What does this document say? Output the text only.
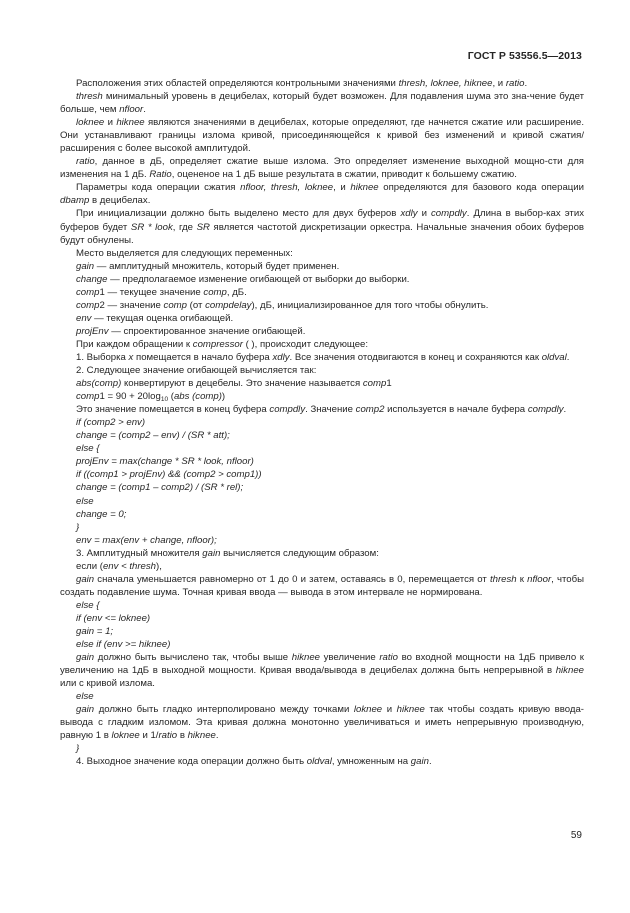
ГОСТ Р 53556.5—2013

Расположения этих областей определяются контрольными значениями thresh, loknee, hiknee, и ratio.

thresh минимальный уровень в децибелах, который будет возможен. Для подавления шума это зна-чение будет больше, чем nfloor.

loknee и hiknee являются значениями в децибелах, которые определяют, где начнется сжатие или расширение. Они устанавливают границы излома кривой, присоединяющейся к кривой без изменений и кривой сжатия/расширения с более высокой амплитудой.

ratio, данное в дБ, определяет сжатие выше излома. Это определяет изменение выходной мощно-сти для изменения на 1 дБ. Ratio, оцененое на 1 дБ выше результата в сжатии, приводит к большему сжатию.

Параметры кода операции сжатия nfloor, thresh, loknee, и hiknee определяются для базового кода операции dbamp в децибелах.

При инициализации должно быть выделено место для двух буферов xdly и compdly. Длина в выбор-ках этих буферов будет SR * look, где SR является частотой дискретизации оркестра. Начальные значения обоих буферов будут обнулены.

Место выделяется для следующих переменных:

gain — амплитудный множитель, который будет применен.

change — предполагаемое изменение огибающей от выборки до выборки.

comp1 — текущее значение comp, дБ.

comp2 — значение comp (от compdelay), дБ, инициализированное для того чтобы обнулить.

env — текущая оценка огибающей.

projEnv — спроектированное значение огибающей.

При каждом обращении к compressor ( ), происходит следующее:

1. Выборка x помещается в начало буфера xdly. Все значения отодвигаются в конец и сохраняются как oldval.

2. Следующее значение огибающей вычисляется так:

abs(comp) конвертируют в децебелы. Это значение называется comp1

comp1 = $90 + 20\log_{10}$ (abs (comp))

Это значение помещается в конец буфера compdly. Значение comp2 используется в начале буфера compdly.

if (comp2 > env)

change = (comp2 – env) / (SR * att);

else {

projEnv = max(change * SR * look, nfloor)

if ((comp1 > projEnv) && (comp2 > comp1))

change = (comp1 – comp2) / (SR * rel);

else

change = 0;

}

env = max(env + change, nfloor);

3. Амплитудный множителя gain вычисляется следующим образом:

если (env < thresh),

gain сначала уменьшается равномерно от 1 до 0 и затем, оставаясь в 0, перемещается от thresh к nfloor, чтобы создать подавление шума. Точная кривая ввода — вывода в этом интервале не нормирована.

else {

if (env <= loknee)

gain = 1;

else if (env >= hiknee)

gain должно быть вычислено так, чтобы выше hiknee увеличение ratio во входной мощности на 1дБ привело к увеличению на 1дБ в выходной мощности. Кривая ввода/вывода в децибелах должна быть непрерывной в hiknee или с кривой излома.

else

gain должно быть гладко интерполировано между точками loknee и hiknee так чтобы создать кривую ввода-вывода с гладким изломом. Эта кривая должна монотонно увеличиваться и иметь непрерывную производную, равную 1 в loknee и 1/ratio в hiknee.

}

4. Выходное значение кода операции должно быть oldval, умноженным на gain.

59
